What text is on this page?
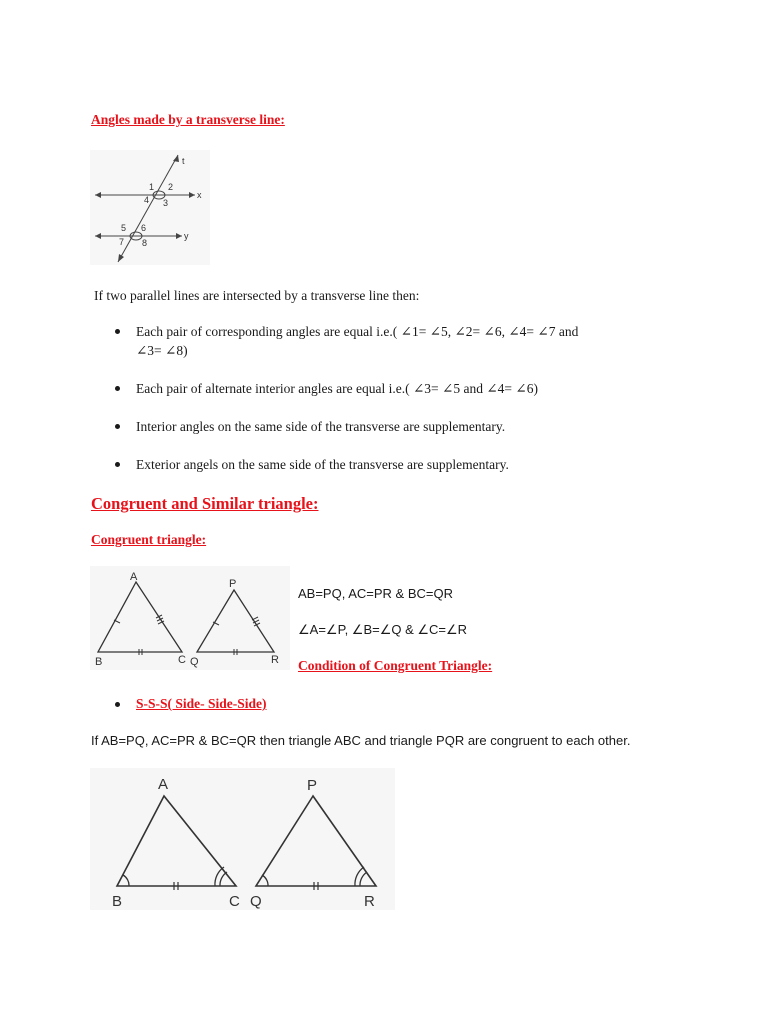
Angles made by a transverse line:
t
x
y
1 2
3
4
5 6
7 8
If two parallel lines are intersected by a transverse line then:
Each pair of corresponding angles are equal i.e.( ∠1= ∠5, ∠2= ∠6, ∠4= ∠7 and
∠3= ∠8)
Each pair of alternate interior angles are equal i.e.( ∠3= ∠5 and ∠4= ∠6)
Interior angles on the same side of the transverse are supplementary.
Exterior angels on the same side of the transverse are supplementary.
Congruent and Similar triangle:
Congruent triangle:
A
B	C
P
Q	R
AB=PQ, AC=PR & BC=QR
∠A=∠P, ∠B=∠Q & ∠C=∠R
Condition of Congruent Triangle:
S-S-S( Side- Side-Side)
If AB=PQ, AC=PR & BC=QR then triangle ABC and triangle PQR are congruent to each other.
A
B	C
P
Q	R
